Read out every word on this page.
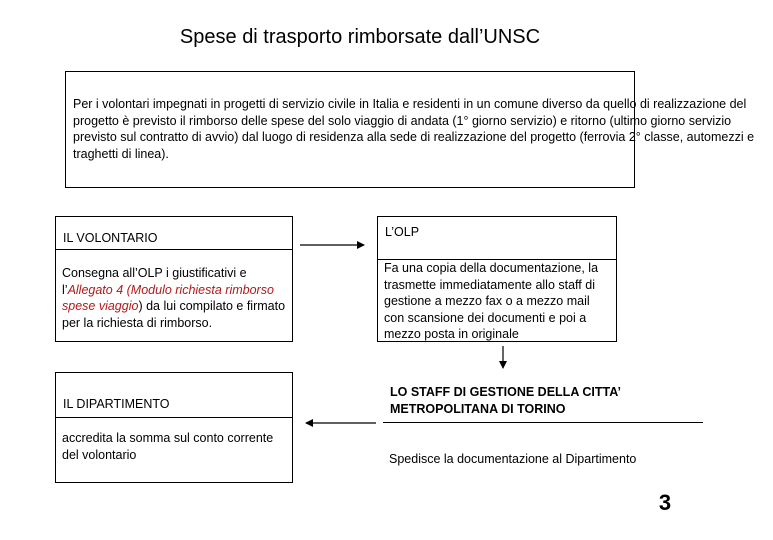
Spese di trasporto rimborsate dall’UNSC

Per i volontari impegnati in progetti di servizio civile in Italia e residenti in un comune diverso da quello di realizzazione del progetto è previsto il rimborso delle spese del solo viaggio di andata (1° giorno servizio) e ritorno (ultimo giorno servizio previsto sul contratto di avvio) dal luogo di residenza alla sede di realizzazione del progetto (ferrovia 2° classe, automezzi e traghetti di linea).

IL VOLONTARIO
Consegna all’OLP i giustificativi e l’Allegato 4 (Modulo richiesta rimborso spese viaggio) da lui compilato e firmato per la richiesta di rimborso.
L’OLP
Fa una copia della documentazione, la trasmette immediatamente allo staff di gestione a mezzo fax o a mezzo mail con scansione dei documenti e poi a mezzo posta in originale
IL DIPARTIMENTO
accredita la somma sul conto corrente del volontario
LO STAFF DI GESTIONE DELLA CITTA’ METROPOLITANA DI TORINO
Spedisce la documentazione al Dipartimento
3
